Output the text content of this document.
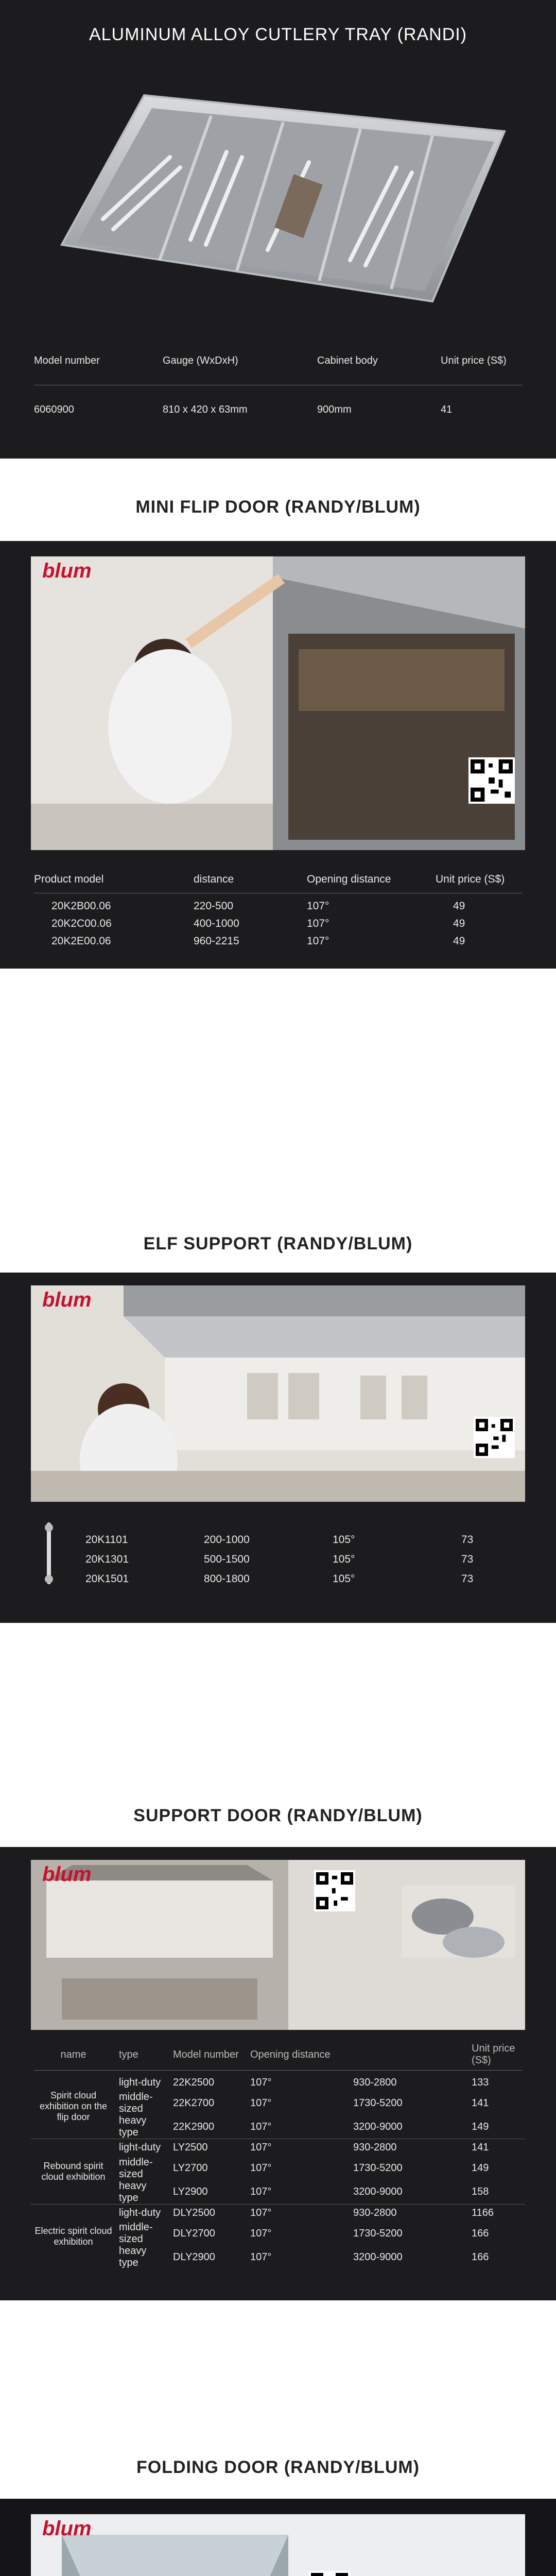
ALUMINUM ALLOY CUTLERY TRAY (RANDI)
Model number	Gauge (WxDxH)	Cabinet body	Unit price (S$)

6060900	810 x 420 x 63mm	900mm	41
MINI FLIP DOOR (RANDY/BLUM)
blum
Product model	distance	Opening distance	Unit price (S$)

20K2B00.06	220-500	107°	49
20K2C00.06	400-1000	107°	49
20K2E00.06	960-2215	107°	49
ELF SUPPORT (RANDY/BLUM)
blum
20K1101	200-1000	105°	73
20K1301	500-1500	105°	73
20K1501	800-1800	105°	73
SUPPORT DOOR (RANDY/BLUM)
blum
name	type	Model number	Opening distance		Unit price (S$)

Spirit cloud exhibition on the flip door	light-duty	22K2500	107°	930-2800	133
	middle-sized	22K2700	107°	1730-5200	141
	heavy type	22K2900	107°	3200-9000	149
Rebound spirit cloud exhibition	light-duty	LY2500	107°	930-2800	141
	middle-sized	LY2700	107°	1730-5200	149
	heavy type	LY2900	107°	3200-9000	158
Electric spirit cloud exhibition	light-duty	DLY2500	107°	930-2800	1166
	middle-sized	DLY2700	107°	1730-5200	166
	heavy type	DLY2900	107°	3200-9000	166
FOLDING DOOR (RANDY/BLUM)
blum
